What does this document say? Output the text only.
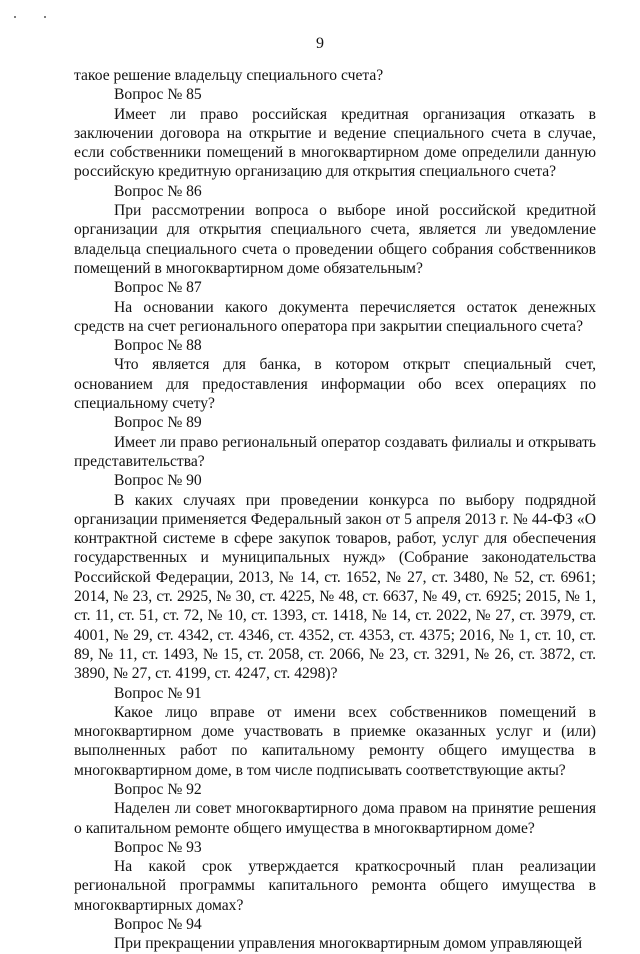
9

такое решение владельцу специального счета?

Вопрос № 85

Имеет ли право российская кредитная организация отказать в заключении договора на открытие и ведение специального счета в случае, если собственники помещений в многоквартирном доме определили данную российскую кредитную организацию для открытия специального счета?

Вопрос № 86

При рассмотрении вопроса о выборе иной российской кредитной организации для открытия специального счета, является ли уведомление владельца специального счета о проведении общего собрания собственников помещений в многоквартирном доме обязательным?

Вопрос № 87

На основании какого документа перечисляется остаток денежных средств на счет регионального оператора при закрытии специального счета?

Вопрос № 88

Что является для банка, в котором открыт специальный счет, основанием для предоставления информации обо всех операциях по специальному счету?

Вопрос № 89

Имеет ли право региональный оператор создавать филиалы и открывать представительства?

Вопрос № 90

В каких случаях при проведении конкурса по выбору подрядной организации применяется Федеральный закон от 5 апреля 2013 г. № 44-ФЗ «О контрактной системе в сфере закупок товаров, работ, услуг для обеспечения государственных и муниципальных нужд» (Собрание законодательства Российской Федерации, 2013, № 14, ст. 1652, № 27, ст. 3480, № 52, ст. 6961; 2014, № 23, ст. 2925, № 30, ст. 4225, № 48, ст. 6637, № 49, ст. 6925; 2015, № 1, ст. 11, ст. 51, ст. 72, № 10, ст. 1393, ст. 1418, № 14, ст. 2022, № 27, ст. 3979, ст. 4001, № 29, ст. 4342, ст. 4346, ст. 4352, ст. 4353, ст. 4375; 2016, № 1, ст. 10, ст. 89, № 11, ст. 1493, № 15, ст. 2058, ст. 2066, № 23, ст. 3291, № 26, ст. 3872, ст. 3890, № 27, ст. 4199, ст. 4247, ст. 4298)?

Вопрос № 91

Какое лицо вправе от имени всех собственников помещений в многоквартирном доме участвовать в приемке оказанных услуг и (или) выполненных работ по капитальному ремонту общего имущества в многоквартирном доме, в том числе подписывать соответствующие акты?

Вопрос № 92

Наделен ли совет многоквартирного дома правом на принятие решения о капитальном ремонте общего имущества в многоквартирном доме?

Вопрос № 93

На какой срок утверждается краткосрочный план реализации региональной программы капитального ремонта общего имущества в многоквартирных домах?

Вопрос № 94

При прекращении управления многоквартирным домом управляющей
